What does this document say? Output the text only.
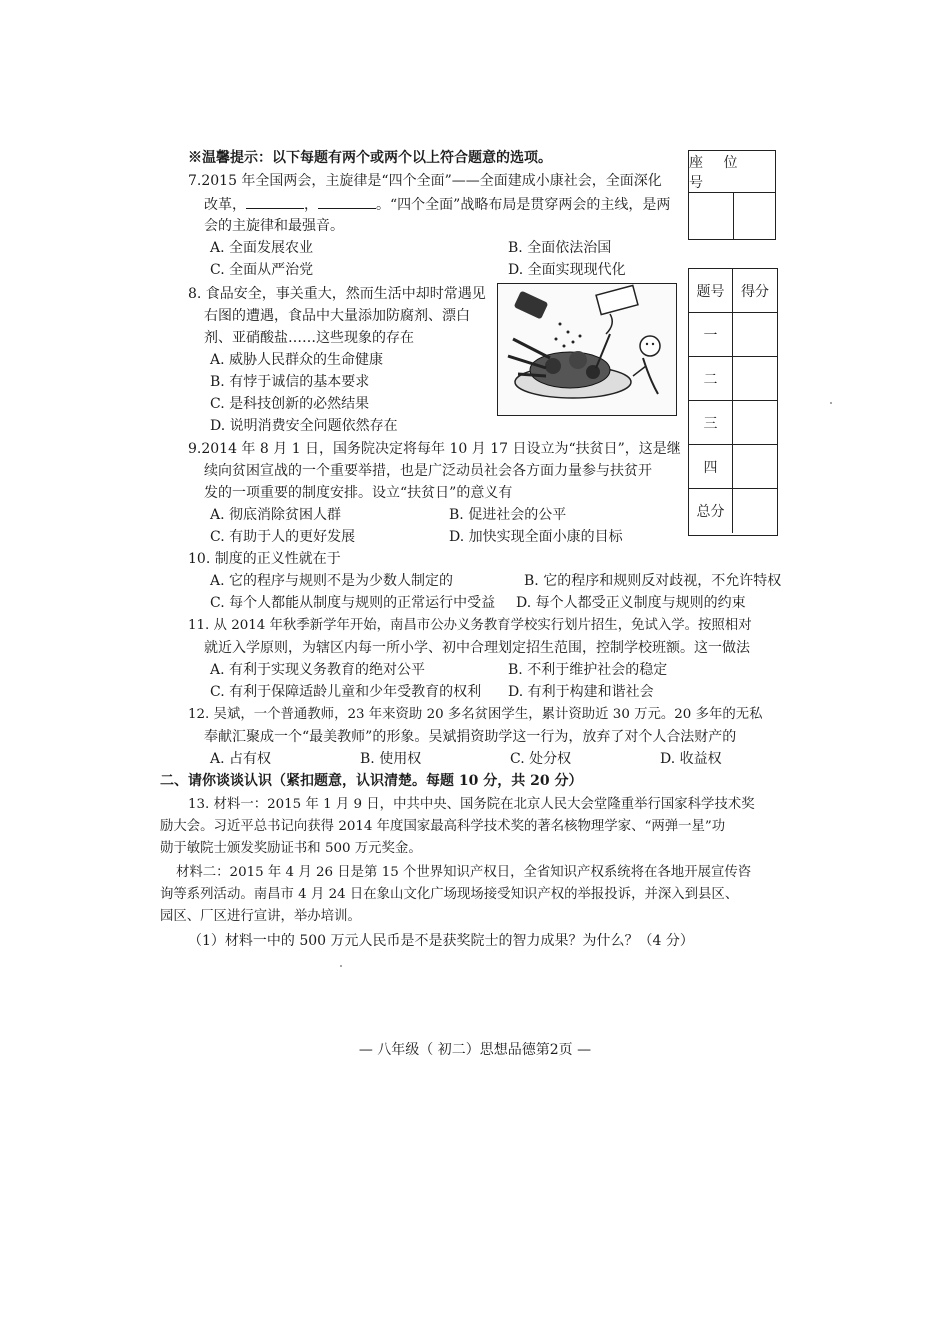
※温馨提示：以下每题有两个或两个以上符合题意的选项。
7.2015 年全国两会，主旋律是“四个全面”——全面建成小康社会，全面深化
改革，	，	。“四个全面”战略布局是贯穿两会的主线，是两
会的主旋律和最强音。
A. 全面发展农业	B. 全面依法治国
C. 全面从严治党	D. 全面实现现代化
8. 食品安全，事关重大，然而生活中却时常遇见
右图的遭遇，食品中大量添加防腐剂、漂白
剂、亚硝酸盐……这些现象的存在
A. 威胁人民群众的生命健康
B. 有悖于诚信的基本要求
C. 是科技创新的必然结果
D. 说明消费安全问题依然存在
9.2014 年 8 月 1 日，国务院决定将每年 10 月 17 日设立为“扶贫日”，这是继
续向贫困宣战的一个重要举措，也是广泛动员社会各方面力量参与扶贫开
发的一项重要的制度安排。设立“扶贫日”的意义有
A. 彻底消除贫困人群	B. 促进社会的公平
C. 有助于人的更好发展	D. 加快实现全面小康的目标
10. 制度的正义性就在于
A. 它的程序与规则不是为少数人制定的	B. 它的程序和规则反对歧视，不允许特权
C. 每个人都能从制度与规则的正常运行中受益 D. 每个人都受正义制度与规则的约束
11. 从 2014 年秋季新学年开始，南昌市公办义务教育学校实行划片招生，免试入学。按照相对
就近入学原则，为辖区内每一所小学、初中合理划定招生范围，控制学校班额。这一做法
A. 有利于实现义务教育的绝对公平	B. 不利于维护社会的稳定
C. 有利于保障适龄儿童和少年受教育的权利 D. 有利于构建和谐社会
12. 吴斌，一个普通教师，23 年来资助 20 多名贫困学生，累计资助近 30 万元。20 多年的无私
奉献汇聚成一个“最美教师”的形象。吴斌捐资助学这一行为，放弃了对个人合法财产的
A. 占有权	B. 使用权	C. 处分权	D. 收益权
二、请你谈谈认识（紧扣题意，认识清楚。每题 10 分，共 20 分）
13. 材料一：2015 年 1 月 9 日，中共中央、国务院在北京人民大会堂隆重举行国家科学技术奖
励大会。习近平总书记向获得 2014 年度国家最高科学技术奖的著名核物理学家、“两弹一星”功
勋于敏院士颁发奖励证书和 500 万元奖金。
材料二：2015 年 4 月 26 日是第 15 个世界知识产权日，全省知识产权系统将在各地开展宣传咨
询等系列活动。南昌市 4 月 24 日在象山文化广场现场接受知识产权的举报投诉，并深入到县区、
园区、厂区进行宣讲，举办培训。
（1）材料一中的 500 万元人民币是不是获奖院士的智力成果？为什么？（4 分）
座 位 号
题号	得分
一
二
三
四
总分
— 八年级（ 初二）思想品德第2页 —
